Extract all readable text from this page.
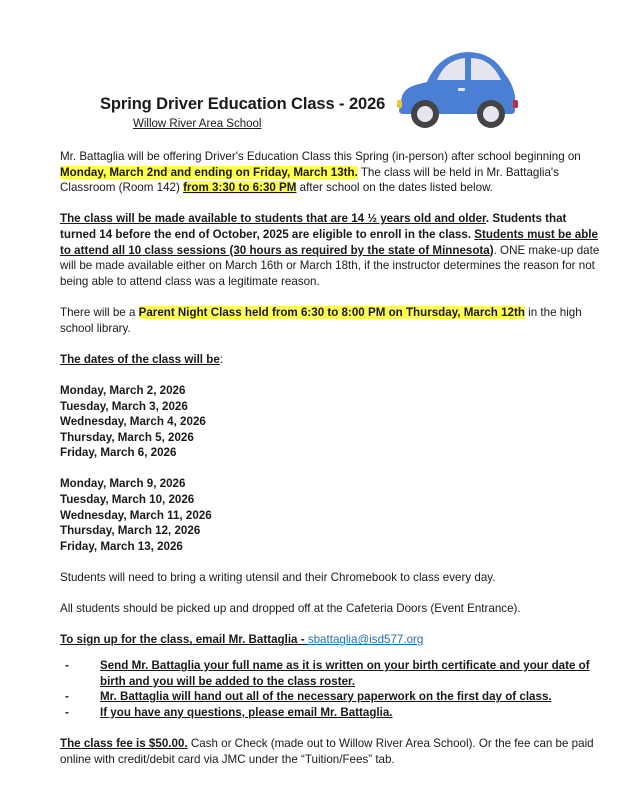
Spring Driver Education Class - 2026
Willow River Area School

Mr. Battaglia will be offering Driver's Education Class this Spring (in-person) after school beginning on Monday, March 2nd and ending on Friday, March 13th. The class will be held in Mr. Battaglia's Classroom (Room 142) from 3:30 to 6:30 PM after school on the dates listed below.

The class will be made available to students that are 14 ½ years old and older. Students that turned 14 before the end of October, 2025 are eligible to enroll in the class. Students must be able to attend all 10 class sessions (30 hours as required by the state of Minnesota). ONE make-up date will be made available either on March 16th or March 18th, if the instructor determines the reason for not being able to attend class was a legitimate reason.

There will be a Parent Night Class held from 6:30 to 8:00 PM on Thursday, March 12th in the high school library.

The dates of the class will be:

Monday, March 2, 2026
Tuesday, March 3, 2026
Wednesday, March 4, 2026
Thursday, March 5, 2026
Friday, March 6, 2026
Monday, March 9, 2026
Tuesday, March 10, 2026
Wednesday, March 11, 2026
Thursday, March 12, 2026
Friday, March 13, 2026

Students will need to bring a writing utensil and their Chromebook to class every day.

All students should be picked up and dropped off at the Cafeteria Doors (Event Entrance).

To sign up for the class, email Mr. Battaglia - sbattaglia@isd577.org

-	Send Mr. Battaglia your full name as it is written on your birth certificate and your date of birth and you will be added to the class roster.
-	Mr. Battaglia will hand out all of the necessary paperwork on the first day of class.
-	If you have any questions, please email Mr. Battaglia.

The class fee is $50.00. Cash or Check (made out to Willow River Area School). Or the fee can be paid online with credit/debit card via JMC under the “Tuition/Fees” tab.
